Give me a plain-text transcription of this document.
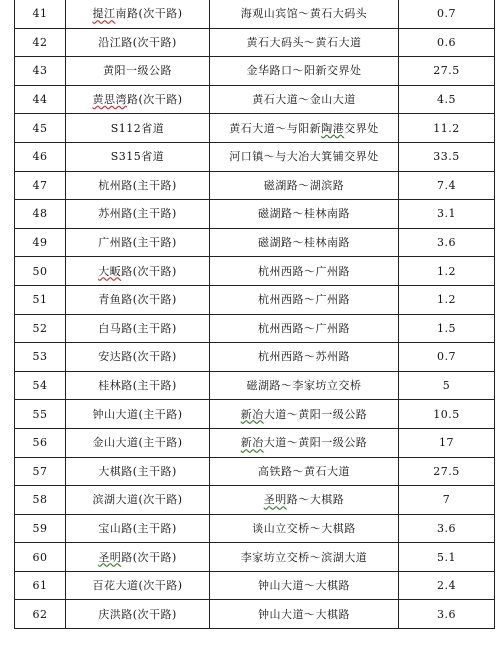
41	提江南路(次干路)	海观山宾馆～黄石大码头	0.7
42	沿江路(次干路)	黄石大码头～黄石大道	0.6
43	黄阳一级公路	金华路口～阳新交界处	27.5
44	黄思湾路(次干路)	黄石大道～金山大道	4.5
45	S112省道	黄石大道～与阳新陶港交界处	11.2
46	S315省道	河口镇～与大冶大箕铺交界处	33.5
47	杭州路(主干路)	磁湖路～湖滨路	7.4
48	苏州路(主干路)	磁湖路～桂林南路	3.1
49	广州路(主干路)	磁湖路～桂林南路	3.6
50	大畈路(次干路)	杭州西路～广州路	1.2
51	青鱼路(次干路)	杭州西路～广州路	1.2
52	白马路(主干路)	杭州西路～广州路	1.5
53	安达路(次干路)	杭州西路～苏州路	0.7
54	桂林路(主干路)	磁湖路～李家坊立交桥	5
55	钟山大道(主干路)	新冶大道～黄阳一级公路	10.5
56	金山大道(主干路)	新冶大道～黄阳一级公路	17
57	大棋路(主干路)	高铁路～黄石大道	27.5
58	滨湖大道(次干路)	圣明路～大棋路	7
59	宝山路(主干路)	谈山立交桥～大棋路	3.6
60	圣明路(次干路)	李家坊立交桥～滨湖大道	5.1
61	百花大道(次干路)	钟山大道～大棋路	2.4
62	庆洪路(次干路)	钟山大道～大棋路	3.6
